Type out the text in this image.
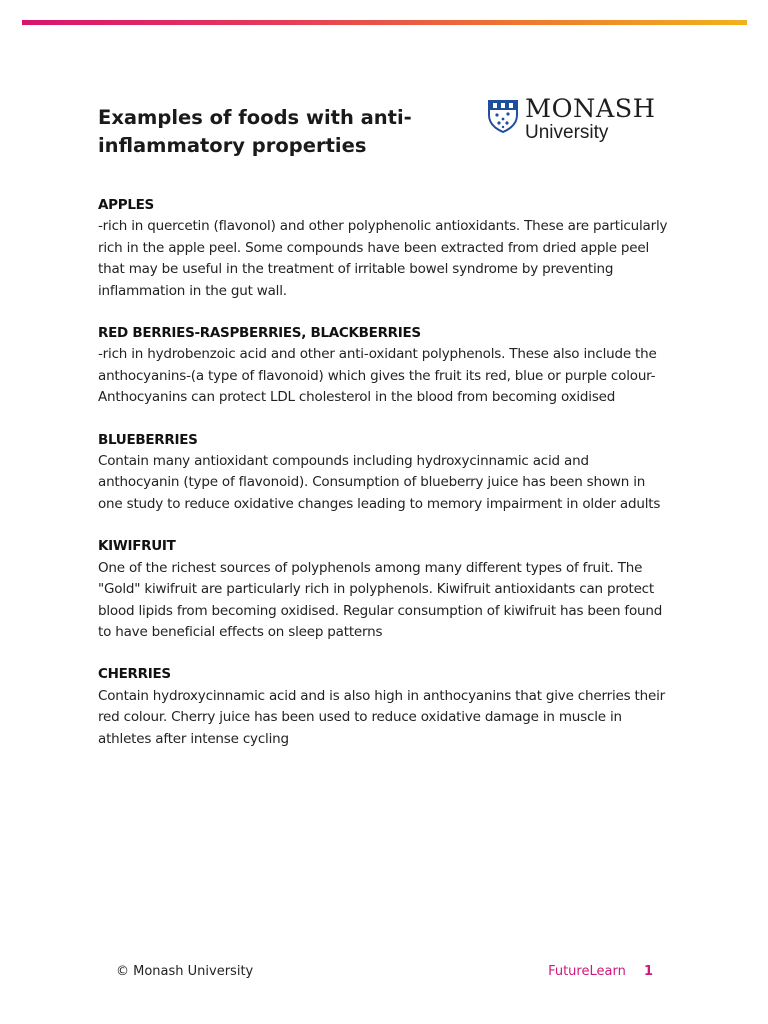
Examples of foods with anti-inflammatory properties
MONASH
University

APPLES

-rich in quercetin (flavonol) and other polyphenolic antioxidants. These are particularly rich in the apple peel. Some compounds have been extracted from dried apple peel that may be useful in the treatment of irritable bowel syndrome by preventing inflammation in the gut wall.

RED BERRIES-RASPBERRIES, BLACKBERRIES

-rich in hydrobenzoic acid and other anti-oxidant polyphenols. These also include the anthocyanins-(a type of flavonoid) which gives the fruit its red, blue or purple colour- Anthocyanins can protect LDL cholesterol in the blood from becoming oxidised

BLUEBERRIES

Contain many antioxidant compounds including hydroxycinnamic acid and anthocyanin (type of flavonoid). Consumption of blueberry juice has been shown in one study to reduce oxidative changes leading to memory impairment in older adults

KIWIFRUIT

One of the richest sources of polyphenols among many different types of fruit. The "Gold" kiwifruit are particularly rich in polyphenols. Kiwifruit antioxidants can protect blood lipids from becoming oxidised. Regular consumption of kiwifruit has been found to have beneficial effects on sleep patterns

CHERRIES

Contain hydroxycinnamic acid and is also high in anthocyanins that give cherries their red colour. Cherry juice has been used to reduce oxidative damage in muscle in athletes after intense cycling

© Monash University	FutureLearn 1
